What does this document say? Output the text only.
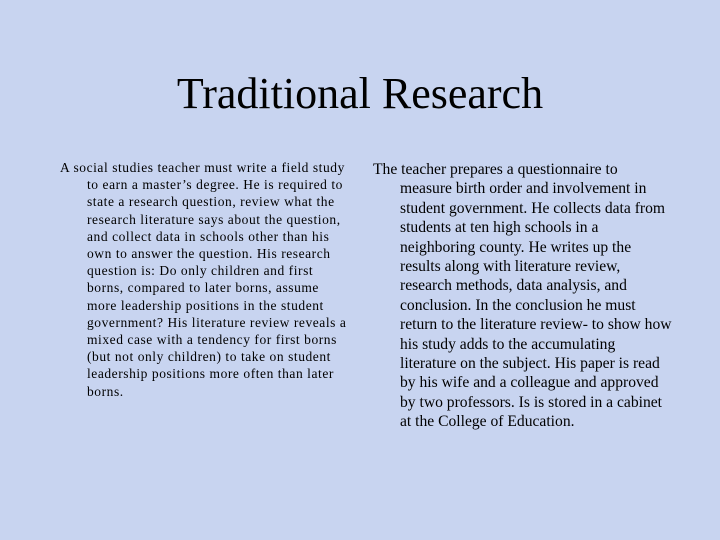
Traditional Research

A social studies teacher must write a field study to earn a master’s degree. He is required to state a research question, review what the research literature says about the question, and collect data in schools other than his own to answer the question. His research question is: Do only children and first borns, compared to later borns, assume more leadership positions in the student government? His literature review reveals a mixed case with a tendency for first borns (but not only children) to take on student leadership positions more often than later borns.

The teacher prepares a questionnaire to measure birth order and involvement in student government. He collects data from students at ten high schools in a neighboring county. He writes up the results along with literature review, research methods, data analysis, and conclusion. In the conclusion he must return to the literature review- to show how his study adds to the accumulating literature on the subject. His paper is read by his wife and a colleague and approved by two professors. Is is stored in a cabinet at the College of Education.
